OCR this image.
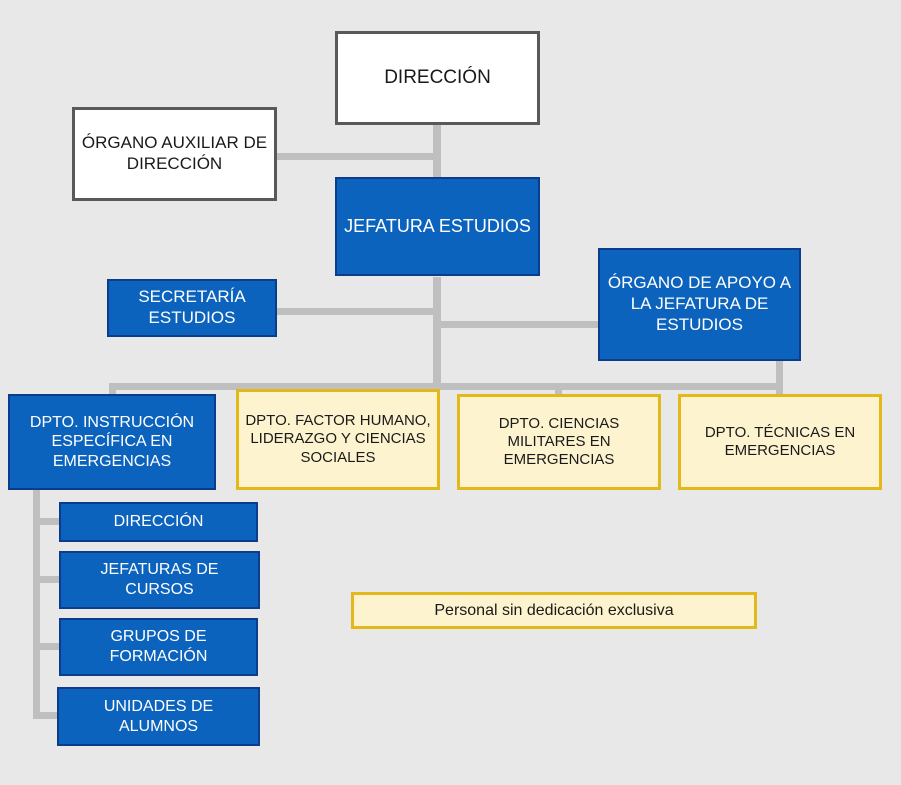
DIRECCIÓN
ÓRGANO AUXILIAR DE DIRECCIÓN
JEFATURA ESTUDIOS
SECRETARÍA ESTUDIOS
ÓRGANO DE APOYO A LA JEFATURA DE ESTUDIOS
DPTO. INSTRUCCIÓN ESPECÍFICA EN EMERGENCIAS
DPTO. FACTOR HUMANO, LIDERAZGO Y CIENCIAS SOCIALES
DPTO. CIENCIAS MILITARES EN EMERGENCIAS
DPTO. TÉCNICAS EN EMERGENCIAS
DIRECCIÓN
JEFATURAS DE CURSOS
GRUPOS DE FORMACIÓN
UNIDADES DE ALUMNOS
Personal sin dedicación exclusiva
